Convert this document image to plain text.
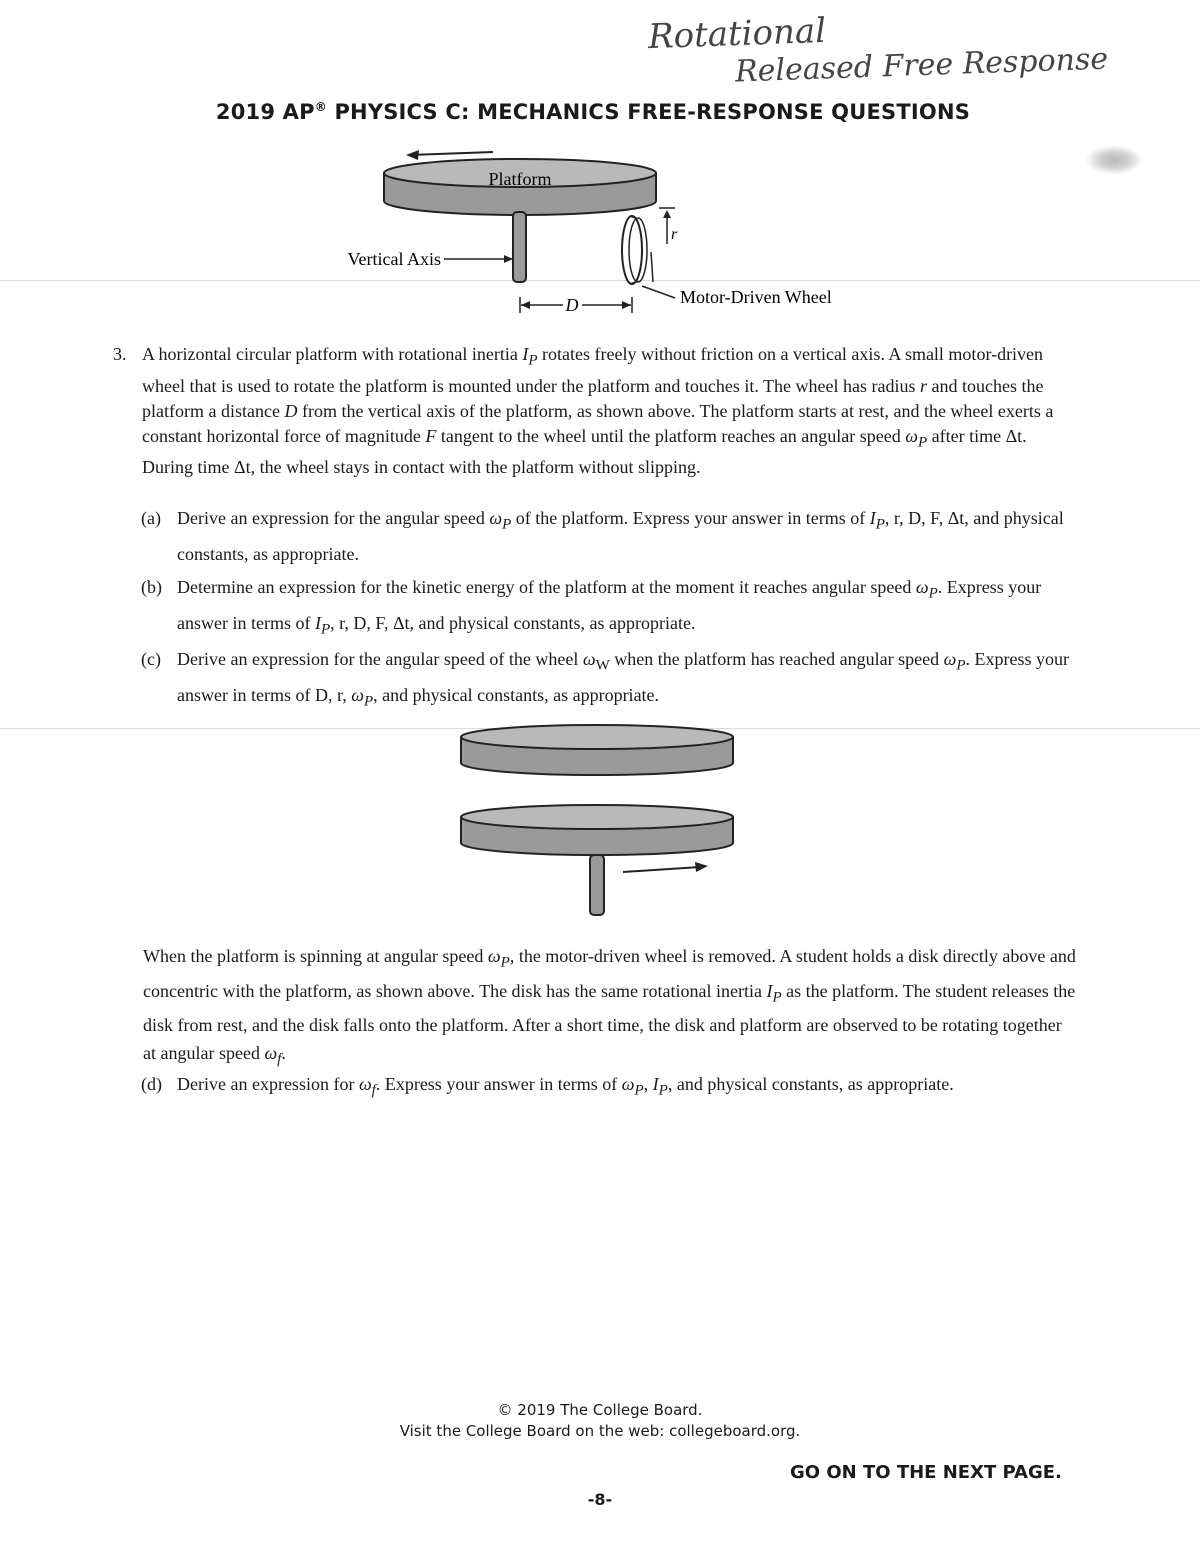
Rotational
Released Free Response
2019 AP® PHYSICS C: MECHANICS FREE-RESPONSE QUESTIONS
Platform
Vertical Axis
r
Motor-Driven Wheel
D
3. A horizontal circular platform with rotational inertia $I_P$ rotates freely without friction on a vertical axis. A small motor-driven wheel that is used to rotate the platform is mounted under the platform and touches it. The wheel has radius r and touches the platform a distance D from the vertical axis of the platform, as shown above. The platform starts at rest, and the wheel exerts a constant horizontal force of magnitude F tangent to the wheel until the platform reaches an angular speed $\omega_P$ after time Δt. During time Δt, the wheel stays in contact with the platform without slipping.
(a) Derive an expression for the angular speed $\omega_P$ of the platform. Express your answer in terms of $I_P$, r, D, F, Δt, and physical constants, as appropriate.
(b) Determine an expression for the kinetic energy of the platform at the moment it reaches angular speed $\omega_P$. Express your answer in terms of $I_P$, r, D, F, Δt, and physical constants, as appropriate.
(c) Derive an expression for the angular speed of the wheel $\omega_W$ when the platform has reached angular speed $\omega_P$. Express your answer in terms of D, r, $\omega_P$, and physical constants, as appropriate.
When the platform is spinning at angular speed $\omega_P$, the motor-driven wheel is removed. A student holds a disk directly above and concentric with the platform, as shown above. The disk has the same rotational inertia $I_P$ as the platform. The student releases the disk from rest, and the disk falls onto the platform. After a short time, the disk and platform are observed to be rotating together at angular speed $\omega_f$.
(d) Derive an expression for $\omega_f$. Express your answer in terms of $\omega_P$, $I_P$, and physical constants, as appropriate.
© 2019 The College Board.
Visit the College Board on the web: collegeboard.org.
GO ON TO THE NEXT PAGE.
-8-
